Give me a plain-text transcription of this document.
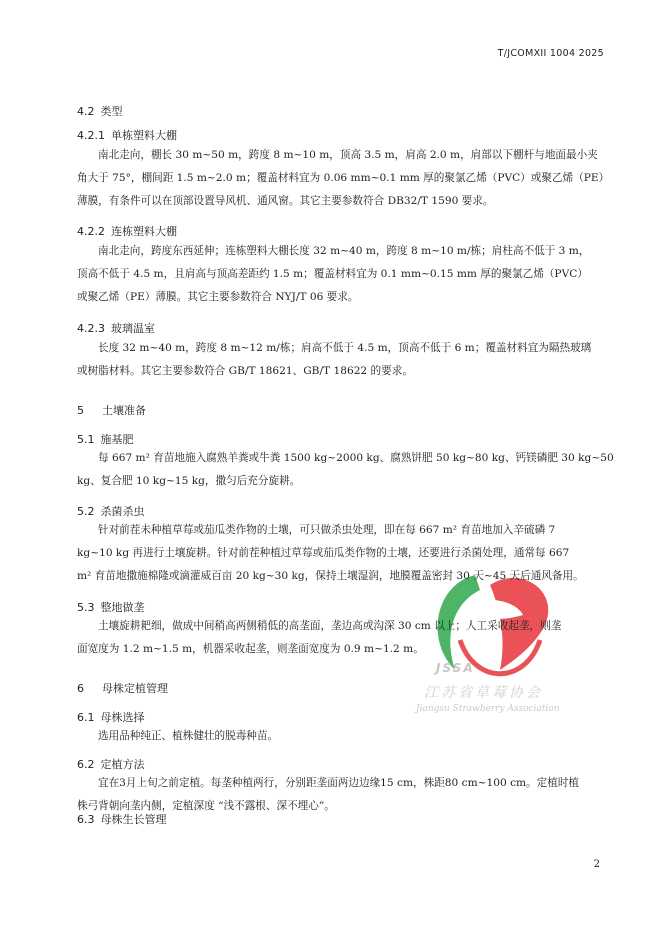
JSSA
江苏省草莓协会
Jiangsu Strawberry Association
T/JCOMXII 1004 2025
4.2 类型
4.2.1 单栋塑料大棚
南北走向，棚长 30 m~50 m，跨度 8 m~10 m，顶高 3.5 m，肩高 2.0 m，肩部以下棚杆与地面最小夹
角大于 75°，棚间距 1.5 m~2.0 m；覆盖材料宜为 0.06 mm~0.1 mm 厚的聚氯乙烯（PVC）或聚乙烯（PE）
薄膜，有条件可以在顶部设置导风机、通风窗。其它主要参数符合 DB32/T 1590 要求。
4.2.2 连栋塑料大棚
南北走向，跨度东西延伸；连栋塑料大棚长度 32 m~40 m，跨度 8 m~10 m/栋；肩柱高不低于 3 m，
顶高不低于 4.5 m，且肩高与顶高差距约 1.5 m；覆盖材料宜为 0.1 mm~0.15 mm 厚的聚氯乙烯（PVC）
或聚乙烯（PE）薄膜。其它主要参数符合 NYJ/T 06 要求。
4.2.3 玻璃温室
长度 32 m~40 m，跨度 8 m~12 m/栋；肩高不低于 4.5 m，顶高不低于 6 m；覆盖材料宜为隔热玻璃
或树脂材料。其它主要参数符合 GB/T 18621、GB/T 18622 的要求。
5 土壤准备
5.1 施基肥
每 667 m² 育苗地施入腐熟羊粪或牛粪 1500 kg~2000 kg、腐熟饼肥 50 kg~80 kg、钙镁磷肥 30 kg~50
kg、复合肥 10 kg~15 kg，撒匀后充分旋耕。
5.2 杀菌杀虫
针对前茬未种植草莓或茄瓜类作物的土壤，可只做杀虫处理，即在每 667 m² 育苗地加入辛硫磷 7
kg~10 kg 再进行土壤旋耕。针对前茬种植过草莓或茄瓜类作物的土壤，还要进行杀菌处理，通常每 667
m² 育苗地撒施棉隆或滴灌威百亩 20 kg~30 kg，保持土壤湿润，地膜覆盖密封 30 天~45 天后通风备用。
5.3 整地做垄
土壤旋耕耙细，做成中间稍高两侧稍低的高垄面，垄边高或沟深 30 cm 以上；人工采收起垄，则垄
面宽度为 1.2 m~1.5 m，机器采收起垄，则垄面宽度为 0.9 m~1.2 m。
6 母株定植管理
6.1 母株选择
选用品种纯正、植株健壮的脱毒种苗。
6.2 定植方法
宜在3月上旬之前定植。每垄种植两行，分别距垄面两边边缘15 cm，株距80 cm~100 cm。定植时植
株弓背朝向垄内侧，定植深度 “浅不露根、深不埋心”。
6.3 母株生长管理
2
